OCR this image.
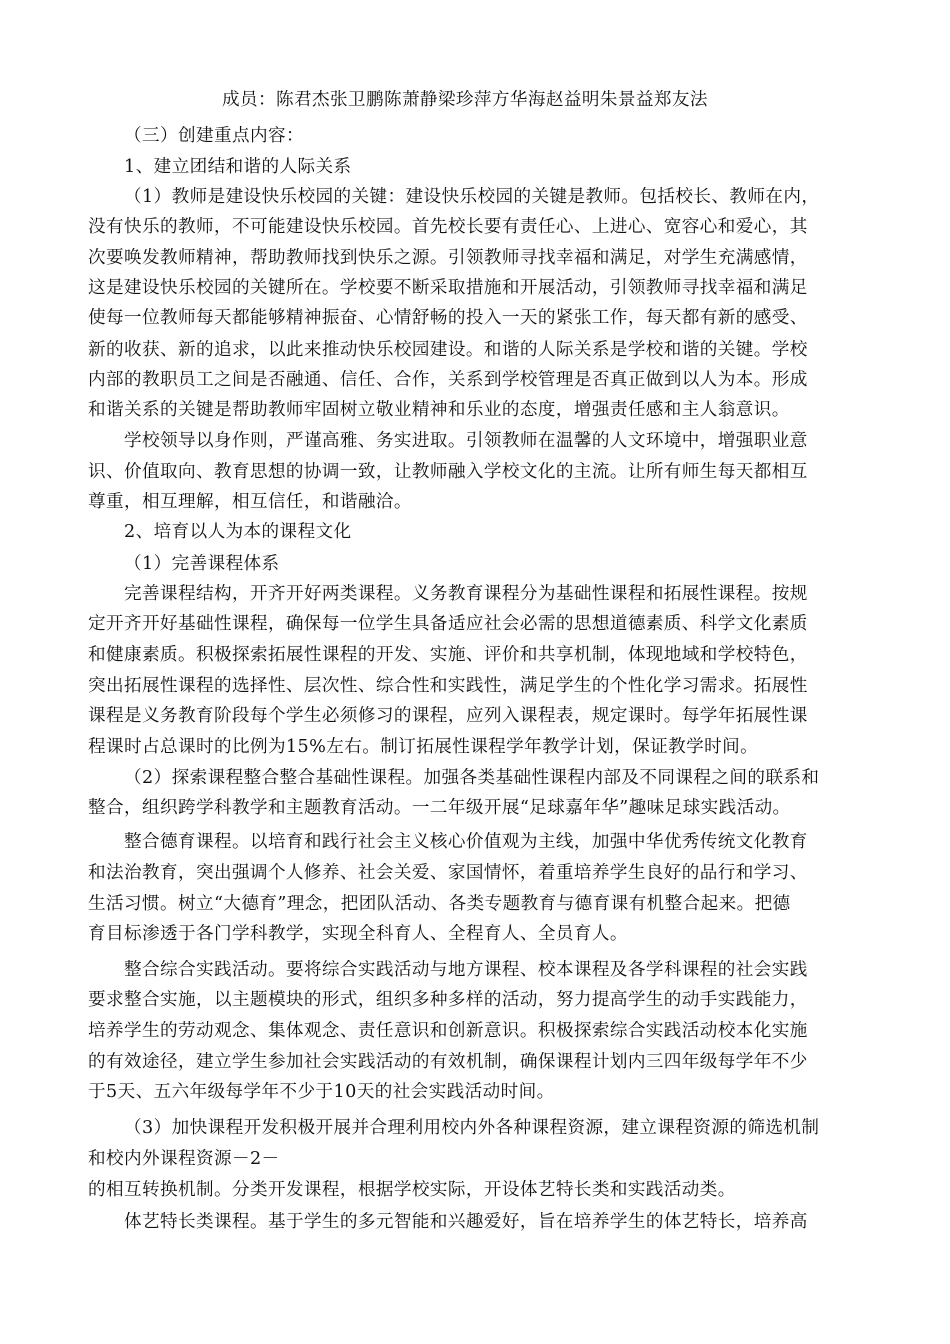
成员：陈君杰张卫鹏陈萧静梁珍萍方华海赵益明朱景益郑友法
（三）创建重点内容：
1、建立团结和谐的人际关系
（1）教师是建设快乐校园的关键：建设快乐校园的关键是教师。包括校长、教师在内，
没有快乐的教师，不可能建设快乐校园。首先校长要有责任心、上进心、宽容心和爱心，其
次要唤发教师精神，帮助教师找到快乐之源。引领教师寻找幸福和满足，对学生充满感情，
这是建设快乐校园的关键所在。学校要不断采取措施和开展活动，引领教师寻找幸福和满足
使每一位教师每天都能够精神振奋、心情舒畅的投入一天的紧张工作，每天都有新的感受、
新的收获、新的追求，以此来推动快乐校园建设。和谐的人际关系是学校和谐的关键。学校
内部的教职员工之间是否融通、信任、合作，关系到学校管理是否真正做到以人为本。形成
和谐关系的关键是帮助教师牢固树立敬业精神和乐业的态度，增强责任感和主人翁意识。
学校领导以身作则，严谨高雅、务实进取。引领教师在温馨的人文环境中，增强职业意
识、价值取向、教育思想的协调一致，让教师融入学校文化的主流。让所有师生每天都相互
尊重，相互理解，相互信任，和谐融洽。
2、培育以人为本的课程文化
（1）完善课程体系
完善课程结构，开齐开好两类课程。义务教育课程分为基础性课程和拓展性课程。按规
定开齐开好基础性课程，确保每一位学生具备适应社会必需的思想道德素质、科学文化素质
和健康素质。积极探索拓展性课程的开发、实施、评价和共享机制，体现地域和学校特色，
突出拓展性课程的选择性、层次性、综合性和实践性，满足学生的个性化学习需求。拓展性
课程是义务教育阶段每个学生必须修习的课程，应列入课程表，规定课时。每学年拓展性课
程课时占总课时的比例为15%左右。制订拓展性课程学年教学计划，保证教学时间。
（2）探索课程整合整合基础性课程。加强各类基础性课程内部及不同课程之间的联系和
整合，组织跨学科教学和主题教育活动。一二年级开展“足球嘉年华”趣味足球实践活动。
整合德育课程。以培育和践行社会主义核心价值观为主线，加强中华优秀传统文化教育
和法治教育，突出强调个人修养、社会关爱、家国情怀，着重培养学生良好的品行和学习、
生活习惯。树立“大德育”理念，把团队活动、各类专题教育与德育课有机整合起来。把德
育目标渗透于各门学科教学，实现全科育人、全程育人、全员育人。
整合综合实践活动。要将综合实践活动与地方课程、校本课程及各学科课程的社会实践
要求整合实施，以主题模块的形式，组织多种多样的活动，努力提高学生的动手实践能力，
培养学生的劳动观念、集体观念、责任意识和创新意识。积极探索综合实践活动校本化实施
的有效途径，建立学生参加社会实践活动的有效机制，确保课程计划内三四年级每学年不少
于5天、五六年级每学年不少于10天的社会实践活动时间。
（3）加快课程开发积极开展并合理利用校内外各种课程资源，建立课程资源的筛选机制
和校内外课程资源－2－
的相互转换机制。分类开发课程，根据学校实际，开设体艺特长类和实践活动类。
体艺特长类课程。基于学生的多元智能和兴趣爱好，旨在培养学生的体艺特长，培养高
